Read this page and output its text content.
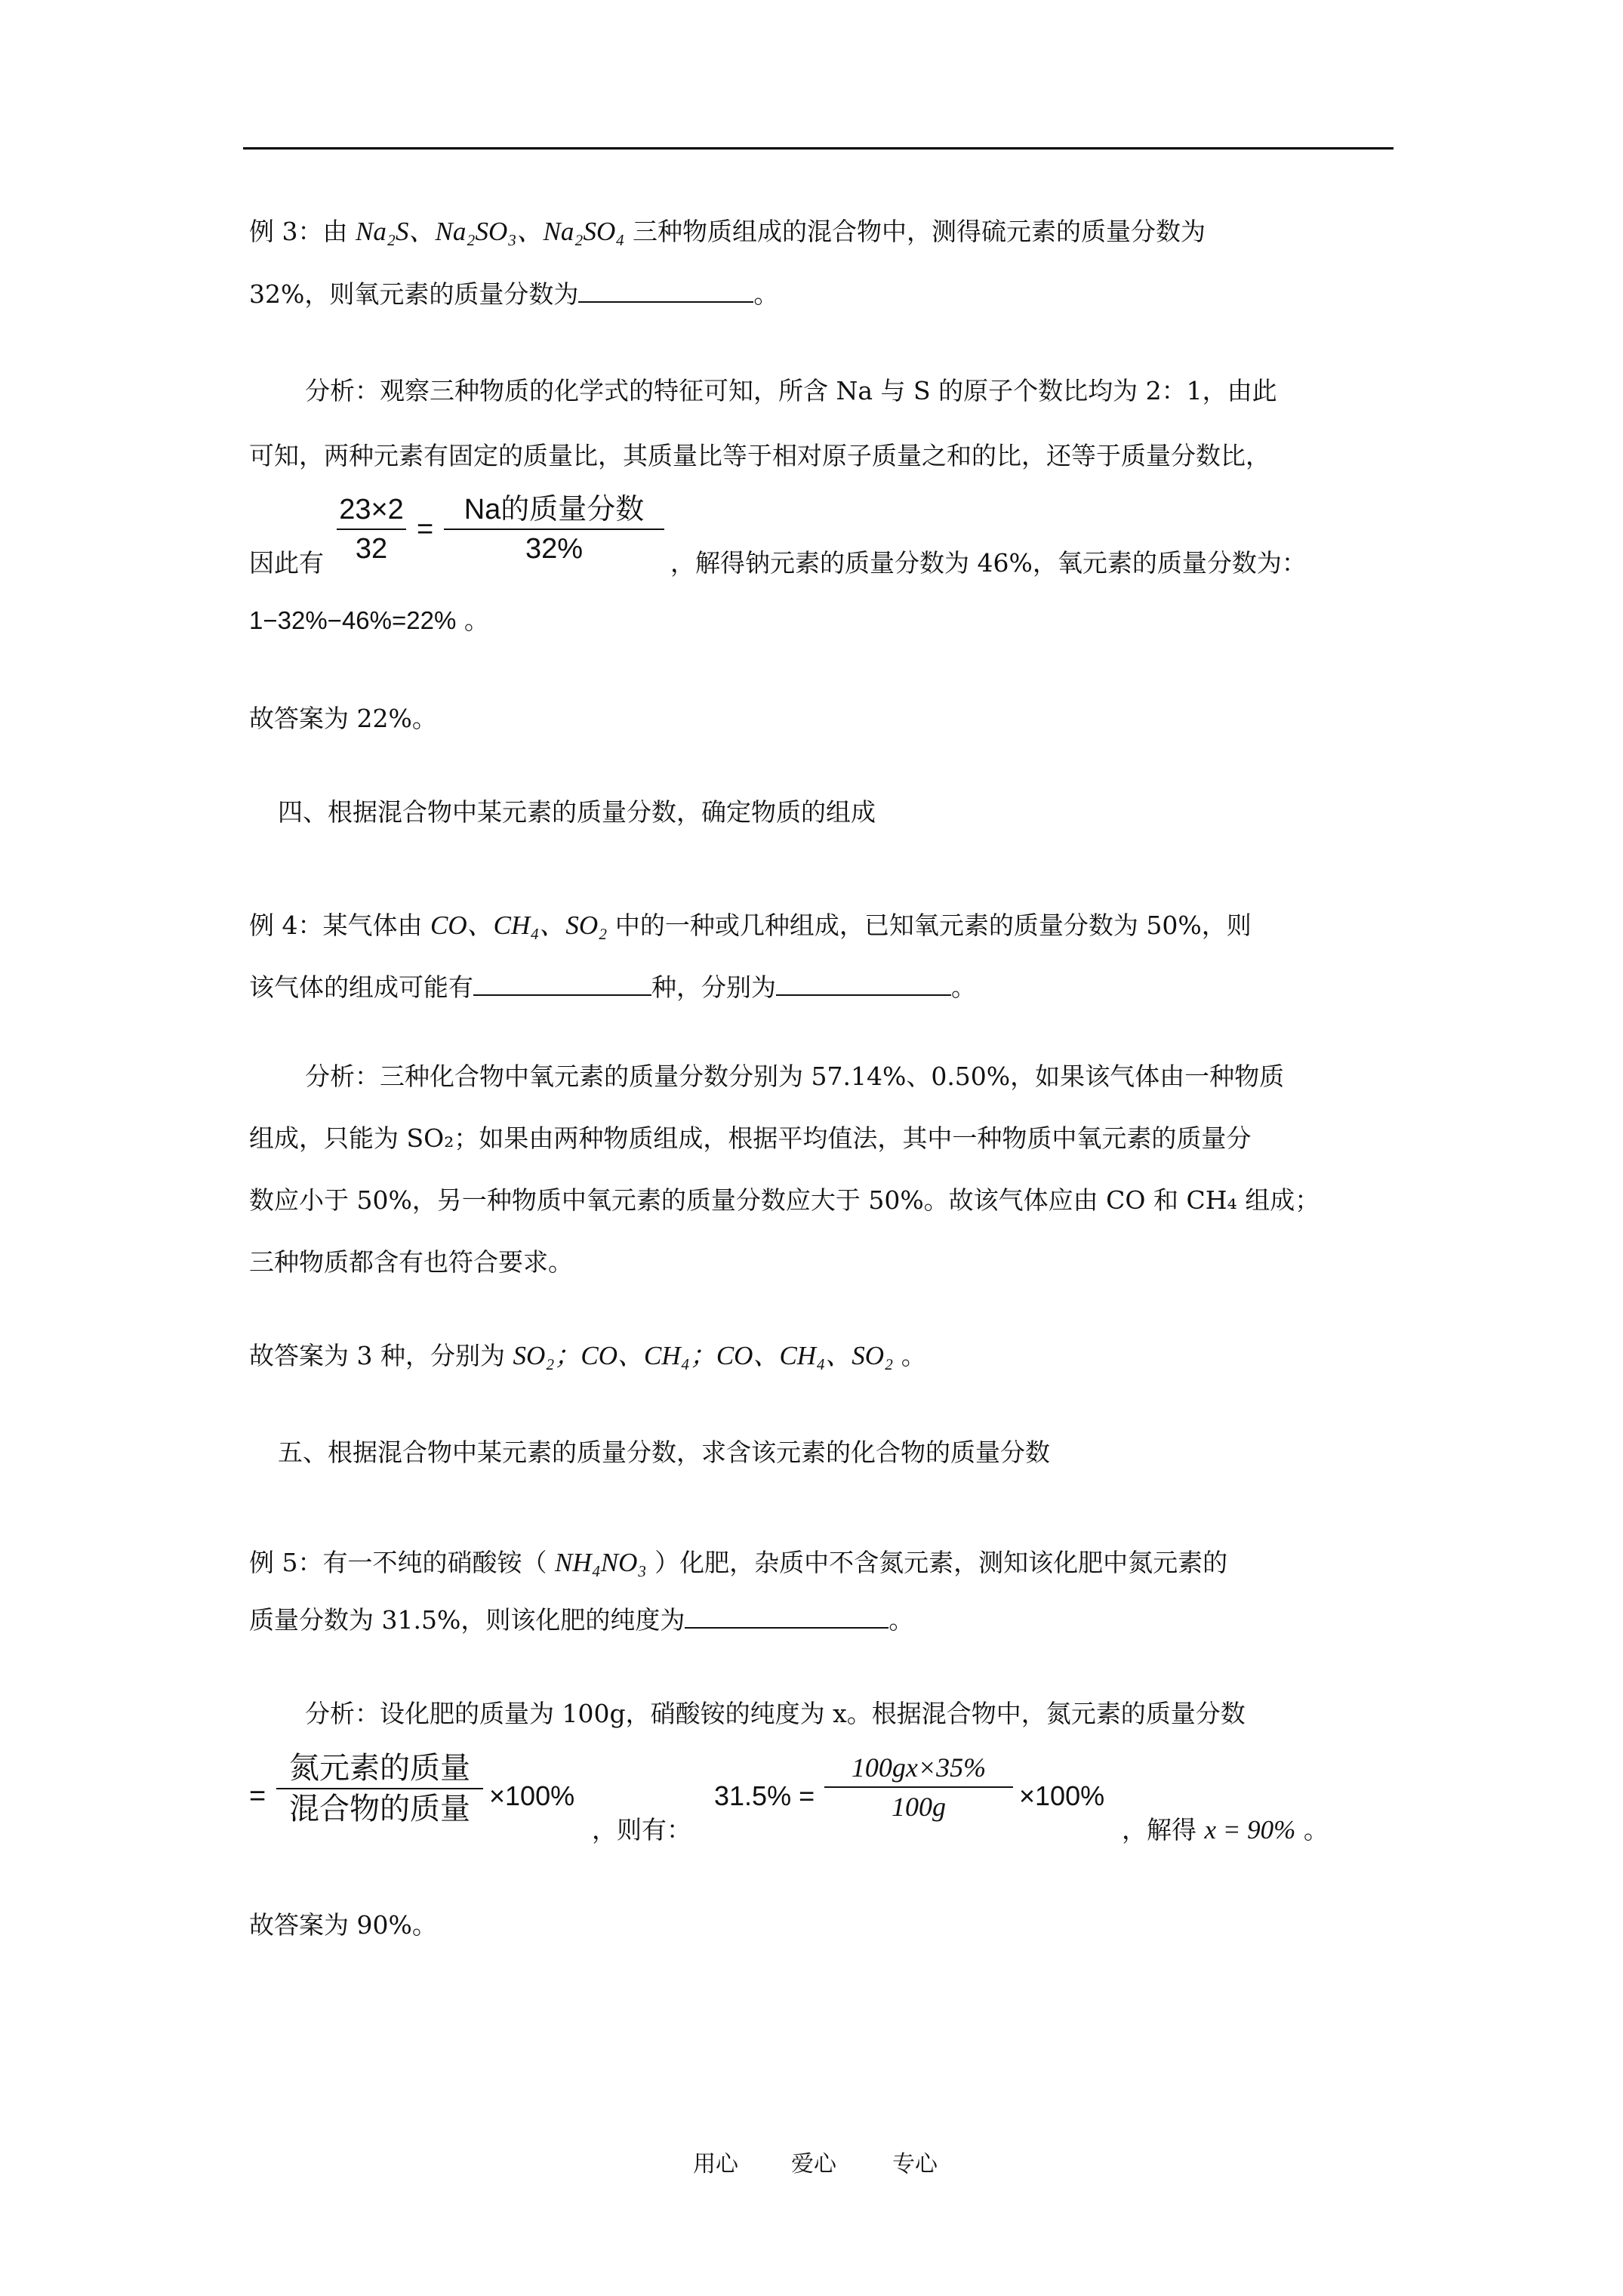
例 3：由 Na₂S、Na₂SO₃、Na₂SO₄ 三种物质组成的混合物中，测得硫元素的质量分数为
32%，则氧元素的质量分数为	。
分析：观察三种物质的化学式的特征可知，所含 Na 与 S 的原子个数比均为 2：1，由此
可知，两种元素有固定的质量比，其质量比等于相对原子质量之和的比，还等于质量分数比，
因此有
23×2
32
=
Na的质量分数
32%	，解得钠元素的质量分数为 46%，氧元素的质量分数为：
1−32%−46%=22% 。
故答案为 22%。
四、根据混合物中某元素的质量分数，确定物质的组成
例 4：某气体由 CO、CH₄、SO₂ 中的一种或几种组成，已知氧元素的质量分数为 50%，则
该气体的组成可能有	种，分别为	。
分析：三种化合物中氧元素的质量分数分别为 57.14%、0.50%，如果该气体由一种物质
组成，只能为 SO₂；如果由两种物质组成，根据平均值法，其中一种物质中氧元素的质量分
数应小于 50%，另一种物质中氧元素的质量分数应大于 50%。故该气体应由 CO 和 CH₄ 组成；
三种物质都含有也符合要求。
故答案为 3 种，分别为 SO₂；CO、CH₄；CO、CH₄、SO₂ 。
五、根据混合物中某元素的质量分数，求含该元素的化合物的质量分数
例 5：有一不纯的硝酸铵（ NH₄NO₃ ）化肥，杂质中不含氮元素，测知该化肥中氮元素的
质量分数为 31.5%，则该化肥的纯度为	。
分析：设化肥的质量为 100g，硝酸铵的纯度为 x。根据混合物中，氮元素的质量分数
=
氮元素的质量
混合物的质量 ×100%
，则有：
31.5% =
100gx×35%
100g	×100%
，解得 x = 90% 。
故答案为 90%。
用心 爱心 专心
